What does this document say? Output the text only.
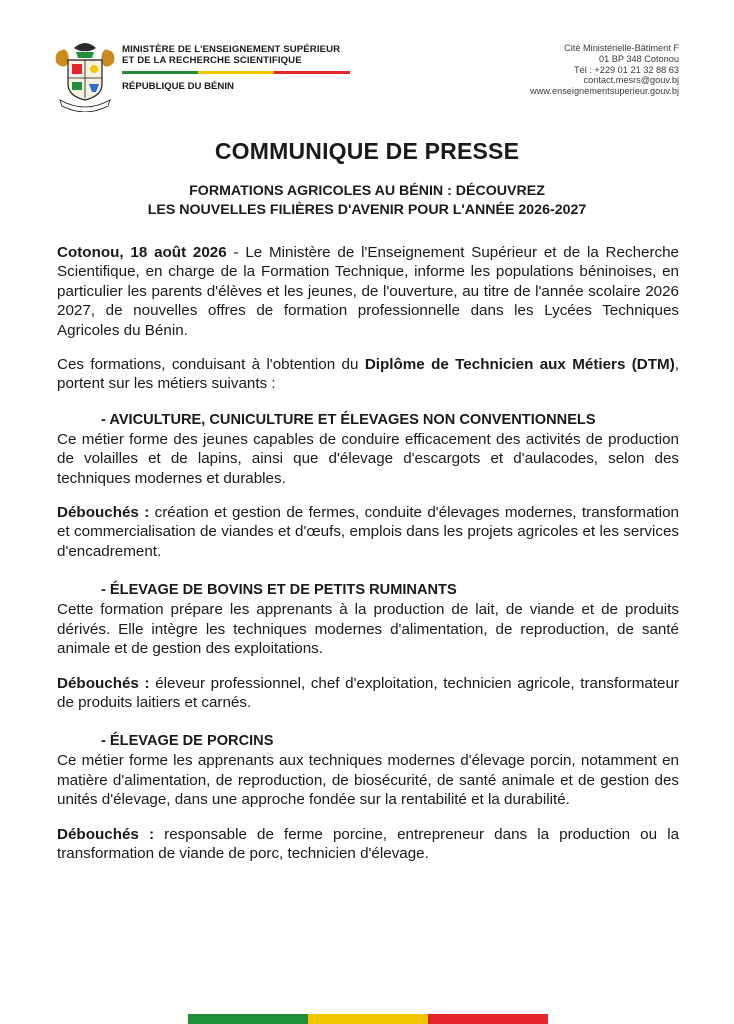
MINISTÈRE DE L'ENSEIGNEMENT SUPÉRIEUR
ET DE LA RECHERCHE SCIENTIFIQUE
RÉPUBLIQUE DU BÉNIN
Cité Ministérielle-Bâtiment F
01 BP 348 Cotonou
Tél : +229 01 21 32 88 63
contact.mesrs@gouv.bj
www.enseignementsuperieur.gouv.bj
COMMUNIQUE DE PRESSE
FORMATIONS AGRICOLES AU BÉNIN : DÉCOUVREZ
LES NOUVELLES FILIÈRES D'AVENIR POUR L'ANNÉE 2026-2027

Cotonou, 18 août 2026 - Le Ministère de l'Enseignement Supérieur et de la Recherche Scientifique, en charge de la Formation Technique, informe les populations béninoises, en particulier les parents d'élèves et les jeunes, de l'ouverture, au titre de l'année scolaire 2026 2027, de nouvelles offres de formation professionnelle dans les Lycées Techniques Agricoles du Bénin.

Ces formations, conduisant à l'obtention du Diplôme de Technicien aux Métiers (DTM), portent sur les métiers suivants :

- AVICULTURE, CUNICULTURE ET ÉLEVAGES NON CONVENTIONNELS

Ce métier forme des jeunes capables de conduire efficacement des activités de production de volailles et de lapins, ainsi que d'élevage d'escargots et d'aulacodes, selon des techniques modernes et durables.

Débouchés : création et gestion de fermes, conduite d'élevages modernes, transformation et commercialisation de viandes et d'œufs, emplois dans les projets agricoles et les services d'encadrement.

- ÉLEVAGE DE BOVINS ET DE PETITS RUMINANTS

Cette formation prépare les apprenants à la production de lait, de viande et de produits dérivés. Elle intègre les techniques modernes d'alimentation, de reproduction, de santé animale et de gestion des exploitations.

Débouchés : éleveur professionnel, chef d'exploitation, technicien agricole, transformateur de produits laitiers et carnés.

- ÉLEVAGE DE PORCINS

Ce métier forme les apprenants aux techniques modernes d'élevage porcin, notamment en matière d'alimentation, de reproduction, de biosécurité, de santé animale et de gestion des unités d'élevage, dans une approche fondée sur la rentabilité et la durabilité.

Débouchés : responsable de ferme porcine, entrepreneur dans la production ou la transformation de viande de porc, technicien d'élevage.
